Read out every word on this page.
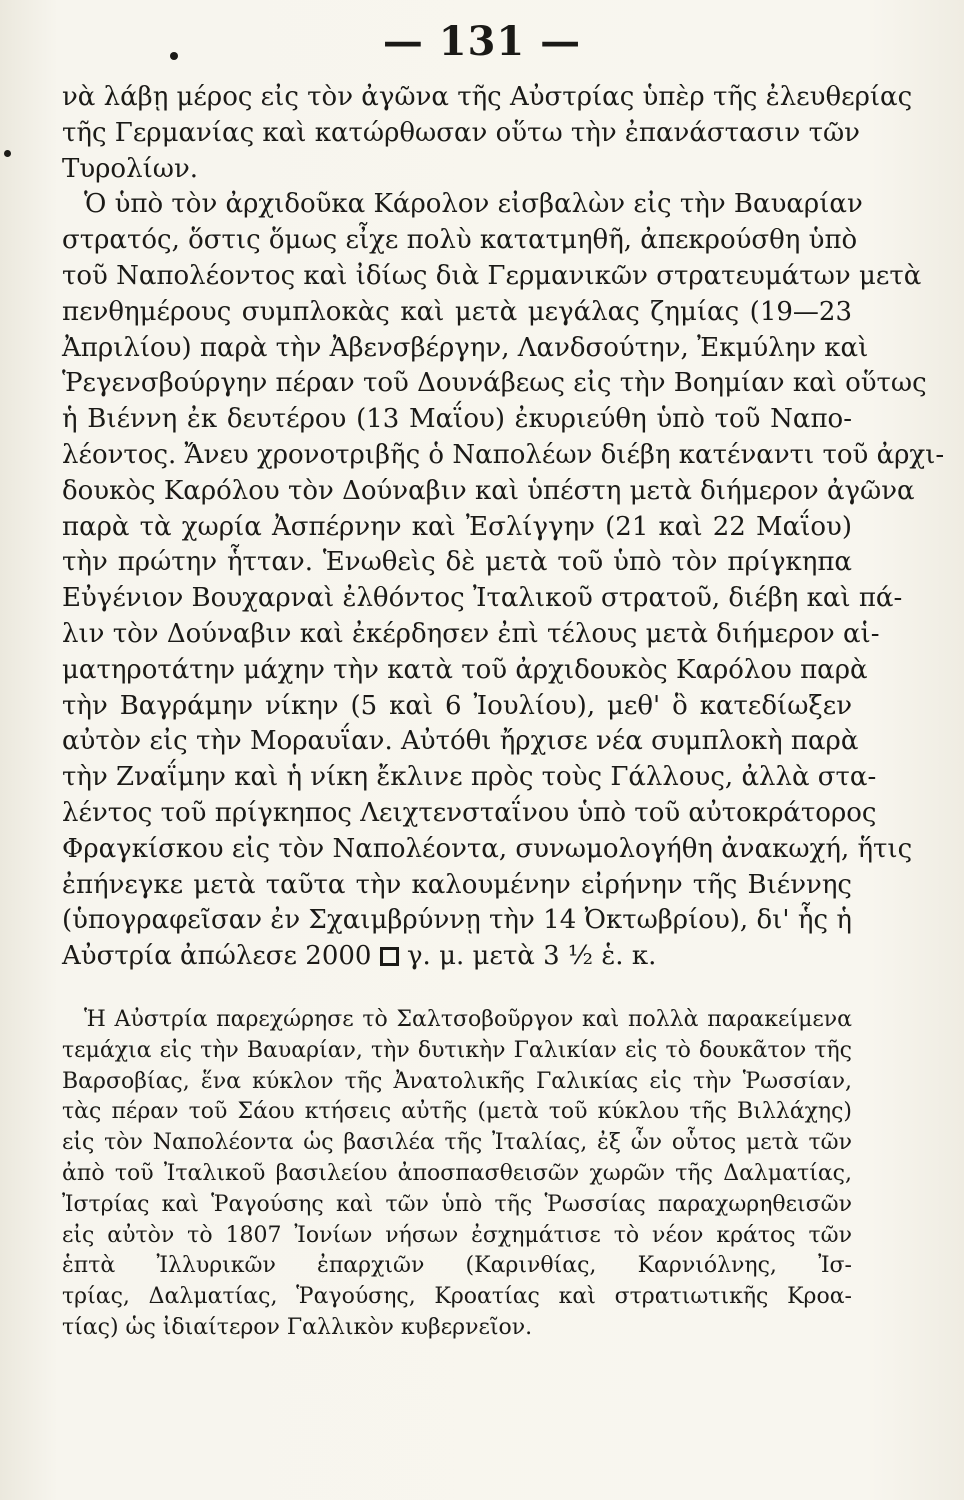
— 131 —
νὰ λάβῃ μέρος εἰς τὸν ἀγῶνα τῆς Αὐστρίας ὑπὲρ τῆς ἐλευθερίας
τῆς Γερμανίας καὶ κατώρθωσαν οὕτω τὴν ἐπανάστασιν τῶν
Τυρολίων.
Ὁ ὑπὸ τὸν ἀρχιδοῦκα Κάρολον εἰσβαλὼν εἰς τὴν Βαυαρίαν
στρατός, ὅστις ὅμως εἶχε πολὺ κατατμηθῆ, ἀπεκρούσθη ὑπὸ
τοῦ Ναπολέοντος καὶ ἰδίως διὰ Γερμανικῶν στρατευμάτων μετὰ
πενθημέρους συμπλοκὰς καὶ μετὰ μεγάλας ζημίας (19—23
Ἀπριλίου) παρὰ τὴν Ἀβενσβέργην, Λανδσούτην, Ἐκμύλην καὶ
Ῥεγενσβούργην πέραν τοῦ Δουνάβεως εἰς τὴν Βοημίαν καὶ οὕτως
ἡ Βιέννη ἐκ δευτέρου (13 Μαΐου) ἐκυριεύθη ὑπὸ τοῦ Ναπο-
λέοντος. Ἄνευ χρονοτριβῆς ὁ Ναπολέων διέβη κατέναντι τοῦ ἀρχι-
δουκὸς Καρόλου τὸν Δούναβιν καὶ ὑπέστη μετὰ διήμερον ἀγῶνα
παρὰ τὰ χωρία Ἀσπέρνην καὶ Ἐσλίγγην (21 καὶ 22 Μαΐου)
τὴν πρώτην ἧτταν. Ἑνωθεὶς δὲ μετὰ τοῦ ὑπὸ τὸν πρίγκηπα
Εὐγένιον Βουχαρναὶ ἐλθόντος Ἰταλικοῦ στρατοῦ, διέβη καὶ πά-
λιν τὸν Δούναβιν καὶ ἐκέρδησεν ἐπὶ τέλους μετὰ διήμερον αἱ-
ματηροτάτην μάχην τὴν κατὰ τοῦ ἀρχιδουκὸς Καρόλου παρὰ
τὴν Βαγράμην νίκην (5 καὶ 6 Ἰουλίου), μεθ' ὃ κατεδίωξεν
αὐτὸν εἰς τὴν Μοραυΐαν. Αὐτόθι ἤρχισε νέα συμπλοκὴ παρὰ
τὴν Ζναΐμην καὶ ἡ νίκη ἔκλινε πρὸς τοὺς Γάλλους, ἀλλὰ στα-
λέντος τοῦ πρίγκηπος Λειχτενσταΐνου ὑπὸ τοῦ αὐτοκράτορος
Φραγκίσκου εἰς τὸν Ναπολέοντα, συνωμολογήθη ἀνακωχή, ἥτις
ἐπήνεγκε μετὰ ταῦτα τὴν καλουμένην εἰρήνην τῆς Βιέννης
(ὑπογραφεῖσαν ἐν Σχαιμβρύννῃ τὴν 14 Ὀκτωβρίου), δι' ἧς ἡ
Αὐστρία ἀπώλεσε 2000  γ. μ. μετὰ 3 ½ ἑ. κ.
Ἡ Αὐστρία παρεχώρησε τὸ Σαλτσοβοῦργον καὶ πολλὰ παρακείμενα
τεμάχια εἰς τὴν Βαυαρίαν, τὴν δυτικὴν Γαλικίαν εἰς τὸ δουκᾶτον τῆς
Βαρσοβίας, ἕνα κύκλον τῆς Ἀνατολικῆς Γαλικίας εἰς τὴν Ῥωσσίαν,
τὰς πέραν τοῦ Σάου κτήσεις αὐτῆς (μετὰ τοῦ κύκλου τῆς Βιλλάχης)
εἰς τὸν Ναπολέοντα ὡς βασιλέα τῆς Ἰταλίας, ἐξ ὧν οὗτος μετὰ τῶν
ἀπὸ τοῦ Ἰταλικοῦ βασιλείου ἀποσπασθεισῶν χωρῶν τῆς Δαλματίας,
Ἰστρίας καὶ Ῥαγούσης καὶ τῶν ὑπὸ τῆς Ῥωσσίας παραχωρηθεισῶν
εἰς αὐτὸν τὸ 1807 Ἰονίων νήσων ἐσχημάτισε τὸ νέον κράτος τῶν
ἑπτὰ Ἰλλυρικῶν ἐπαρχιῶν (Καρινθίας, Καρνιόλνης, Ἰσ-
τρίας, Δαλματίας, Ῥαγούσης, Κροατίας καὶ στρατιωτικῆς Κροα-
τίας) ὡς ἰδιαίτερον Γαλλικὸν κυβερνεῖον.
